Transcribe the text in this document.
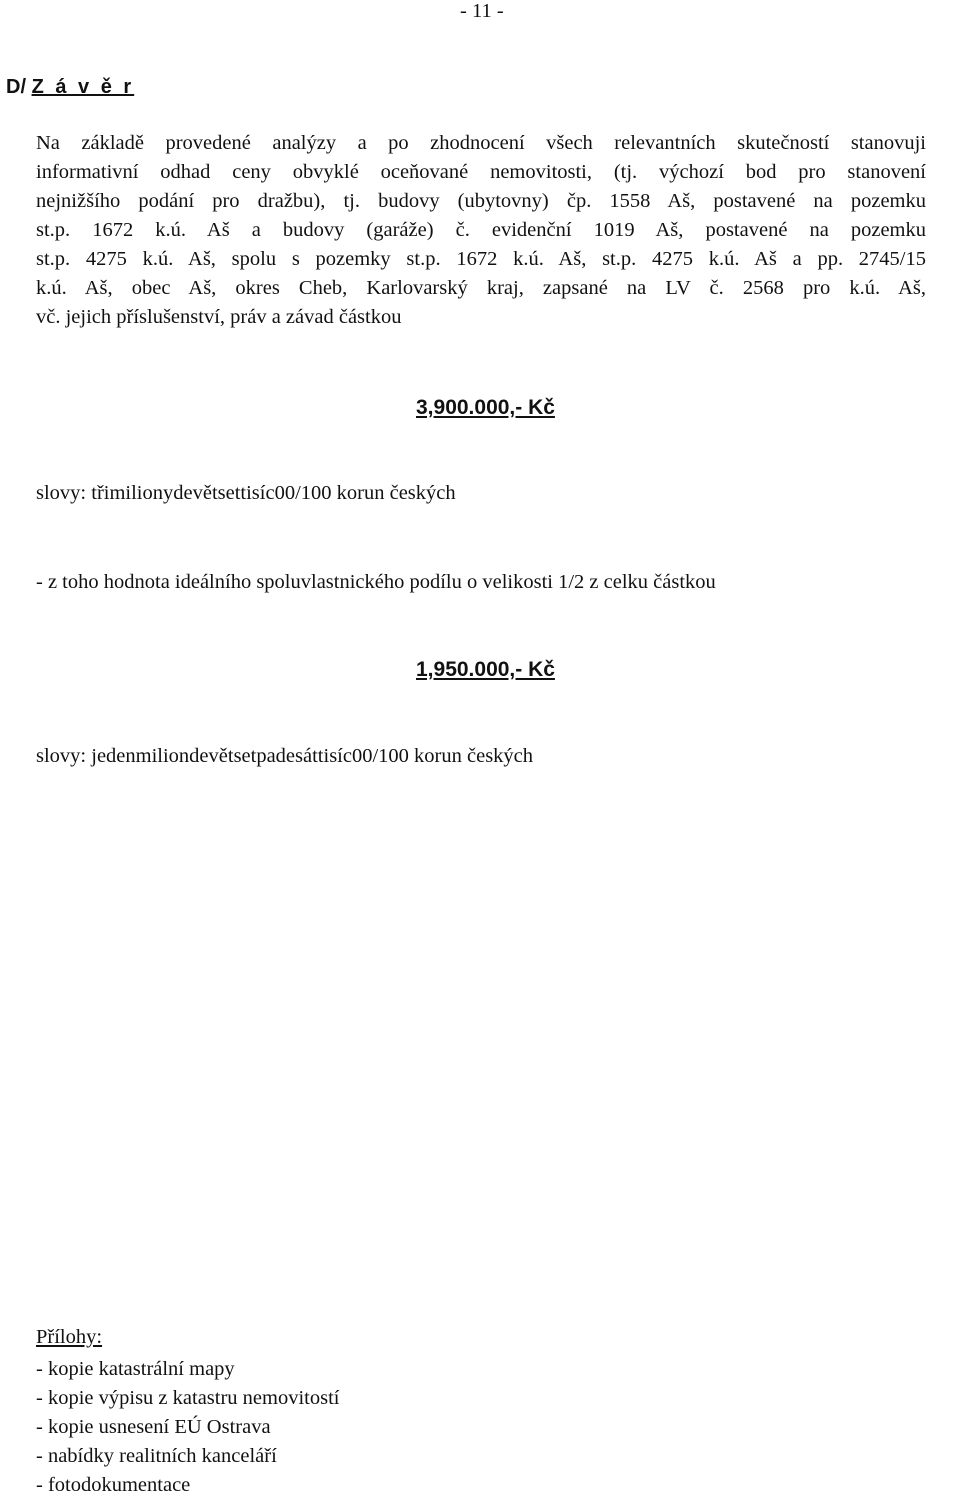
- 11 -
D/ Z á v ě r
Na základě provedené analýzy a po zhodnocení všech relevantních skutečností stanovuji
informativní odhad ceny obvyklé oceňované nemovitosti, (tj. výchozí bod pro stanovení
nejnižšího podání pro dražbu), tj. budovy (ubytovny) čp. 1558 Aš, postavené na pozemku
st.p. 1672 k.ú. Aš a budovy (garáže) č. evidenční 1019 Aš, postavené na pozemku
st.p. 4275 k.ú. Aš, spolu s pozemky st.p. 1672 k.ú. Aš, st.p. 4275 k.ú. Aš a pp. 2745/15
k.ú. Aš, obec Aš, okres Cheb, Karlovarský kraj, zapsané na LV č. 2568 pro k.ú. Aš,
vč. jejich příslušenství, práv a závad částkou
3,900.000,- Kč
slovy: třimilionydevětsettisíc00/100 korun českých
- z toho hodnota ideálního spoluvlastnického podílu o velikosti 1/2 z celku částkou
1,950.000,- Kč
slovy: jedenmiliondevětsetpadesáttisíc00/100 korun českých
Přílohy:
- kopie katastrální mapy
- kopie výpisu z katastru nemovitostí
- kopie usnesení EÚ Ostrava
- nabídky realitních kanceláří
- fotodokumentace
